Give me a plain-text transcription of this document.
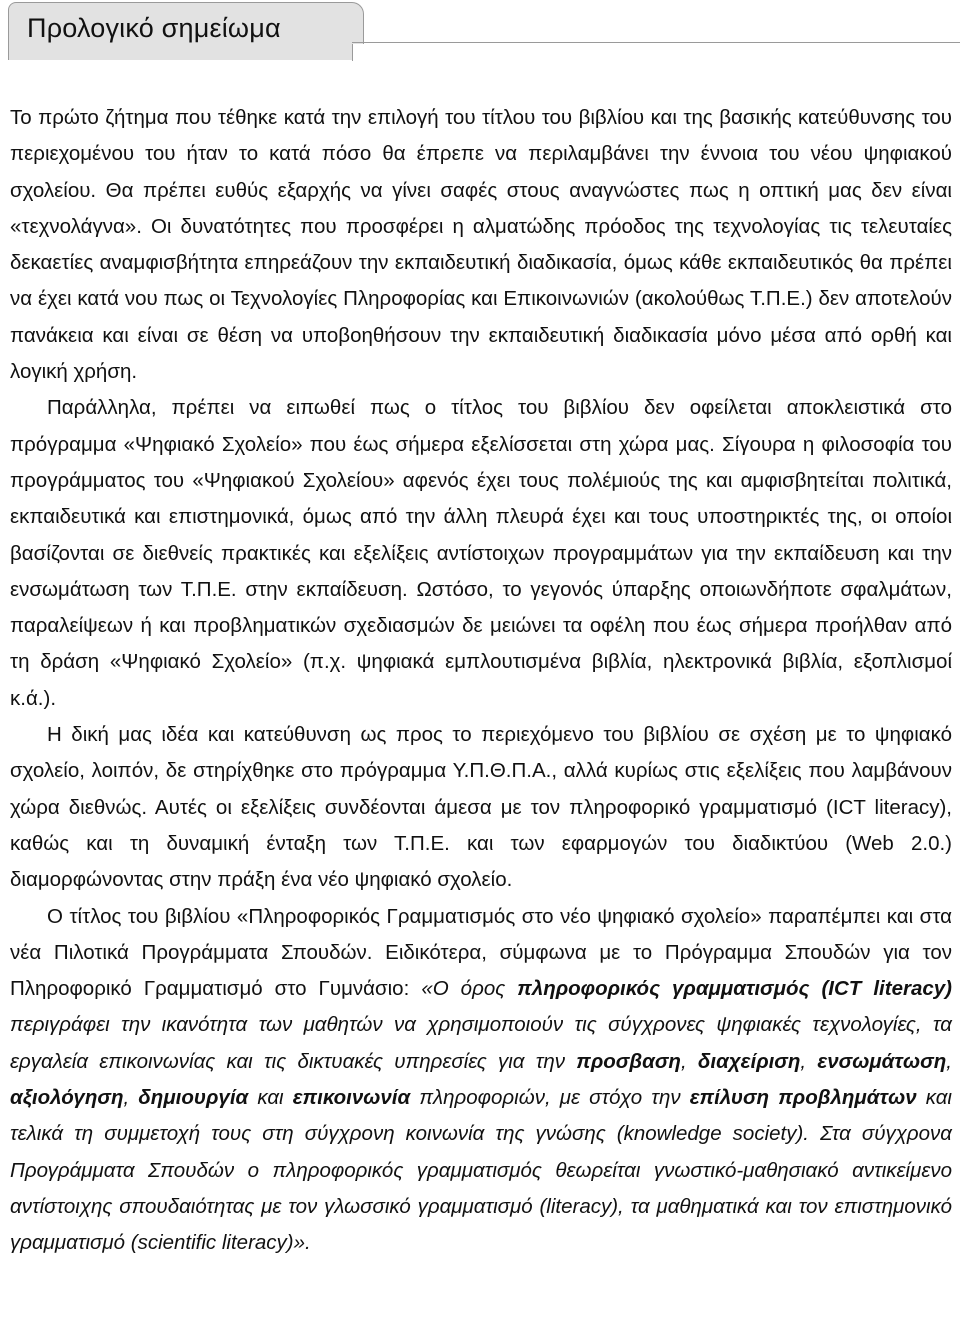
Προλογικό σημείωμα

Το πρώτο ζήτημα που τέθηκε κατά την επιλογή του τίτλου του βιβλίου και της βασικής κατεύθυνσης του περιεχομένου του ήταν το κατά πόσο θα έπρεπε να περιλαμβάνει την έννοια του νέου ψηφιακού σχολείου. Θα πρέπει ευθύς εξαρχής να γίνει σαφές στους αναγνώστες πως η οπτική μας δεν είναι «τεχνολάγνα». Οι δυνατότητες που προσφέρει η αλματώδης πρόοδος της τεχνολογίας τις τελευταίες δεκαετίες αναμφισβήτητα επηρεάζουν την εκπαιδευτική διαδικασία, όμως κάθε εκπαιδευτικός θα πρέπει να έχει κατά νου πως οι Τεχνολογίες Πληροφορίας και Επικοινωνιών (ακολούθως Τ.Π.Ε.) δεν αποτελούν πανάκεια και είναι σε θέση να υποβοηθήσουν την εκπαιδευτική διαδικασία μόνο μέσα από ορθή και λογική χρήση.

Παράλληλα, πρέπει να ειπωθεί πως ο τίτλος του βιβλίου δεν οφείλεται αποκλειστικά στο πρόγραμμα «Ψηφιακό Σχολείο» που έως σήμερα εξελίσσεται στη χώρα μας. Σίγουρα η φιλοσοφία του προγράμματος του «Ψηφιακού Σχολείου» αφενός έχει τους πολέμιούς της και αμφισβητείται πολιτικά, εκπαιδευτικά και επιστημονικά, όμως από την άλλη πλευρά έχει και τους υποστηρικτές της, οι οποίοι βασίζονται σε διεθνείς πρακτικές και εξελίξεις αντίστοιχων προγραμμάτων για την εκπαίδευση και την ενσωμάτωση των Τ.Π.Ε. στην εκπαίδευση. Ωστόσο, το γεγονός ύπαρξης οποιωνδήποτε σφαλμάτων, παραλείψεων ή και προβληματικών σχεδιασμών δε μειώνει τα οφέλη που έως σήμερα προήλθαν από τη δράση «Ψηφιακό Σχολείο» (π.χ. ψηφιακά εμπλουτισμένα βιβλία, ηλεκτρονικά βιβλία, εξοπλισμοί κ.ά.).

Η δική μας ιδέα και κατεύθυνση ως προς το περιεχόμενο του βιβλίου σε σχέση με το ψηφιακό σχολείο, λοιπόν, δε στηρίχθηκε στο πρόγραμμα Υ.Π.Θ.Π.Α., αλλά κυρίως στις εξελίξεις που λαμβάνουν χώρα διεθνώς. Αυτές οι εξελίξεις συνδέονται άμεσα με τον πληροφορικό γραμματισμό (ICT literacy), καθώς και τη δυναμική ένταξη των Τ.Π.Ε. και των εφαρμογών του διαδικτύου (Web 2.0.) διαμορφώνοντας στην πράξη ένα νέο ψηφιακό σχολείο.

Ο τίτλος του βιβλίου «Πληροφορικός Γραμματισμός στο νέο ψηφιακό σχολείο» παραπέμπει και στα νέα Πιλοτικά Προγράμματα Σπουδών. Ειδικότερα, σύμφωνα με το Πρόγραμμα Σπουδών για τον Πληροφορικό Γραμματισμό στο Γυμνάσιο: «Ο όρος πληροφορικός γραμματισμός (ICT literacy) περιγράφει την ικανότητα των μαθητών να χρησιμοποιούν τις σύγχρονες ψηφιακές τεχνολογίες, τα εργαλεία επικοινωνίας και τις δικτυακές υπηρεσίες για την προσβαση, διαχείριση, ενσωμάτωση, αξιολόγηση, δημιουργία και επικοινωνία πληροφοριών, με στόχο την επίλυση προβλημάτων και τελικά τη συμμετοχή τους στη σύγχρονη κοινωνία της γνώσης (knowledge society). Στα σύγχρονα Προγράμματα Σπουδών ο πληροφορικός γραμματισμός θεωρείται γνωστικό-μαθησιακό αντικείμενο αντίστοιχης σπουδαιότητας με τον γλωσσικό γραμματισμό (literacy), τα μαθηματικά και τον επιστημονικό γραμματισμό (scientific literacy)».
